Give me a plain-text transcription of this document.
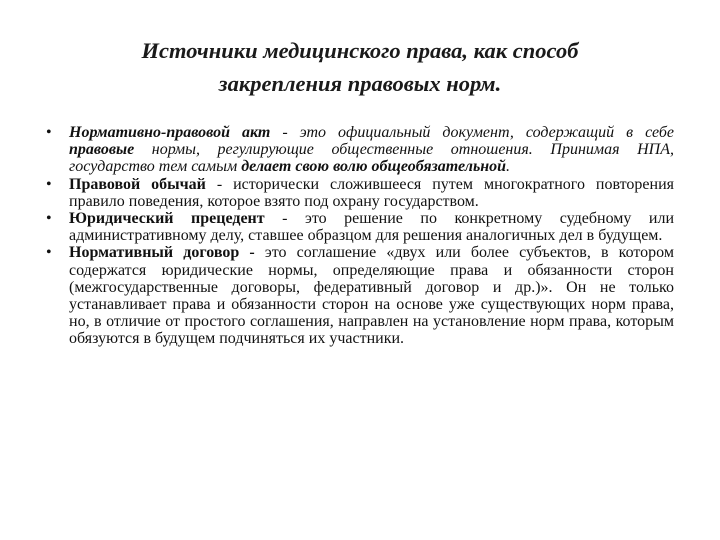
Источники медицинского права, как способ
закрепления правовых норм.
• Нормативно-правовой акт - это официальный документ, содержащий в себе правовые нормы, регулирующие общественные отношения. Принимая НПА, государство тем самым делает свою волю общеобязательной.
• Правовой обычай - исторически сложившееся путем многократного повторения правило поведения, которое взято под охрану государством.
• Юридический прецедент - это решение по конкретному судебному или административному делу, ставшее образцом для решения аналогичных дел в будущем.
• Нормативный договор - это соглашение «двух или более субъектов, в котором содержатся юридические нормы, определяющие права и обязанности сторон (межгосударственные договоры, федеративный договор и др.)». Он не только устанавливает права и обязанности сторон на основе уже существующих норм права, но, в отличие от простого соглашения, направлен на установление норм права, которым обязуются в будущем подчиняться их участники.
